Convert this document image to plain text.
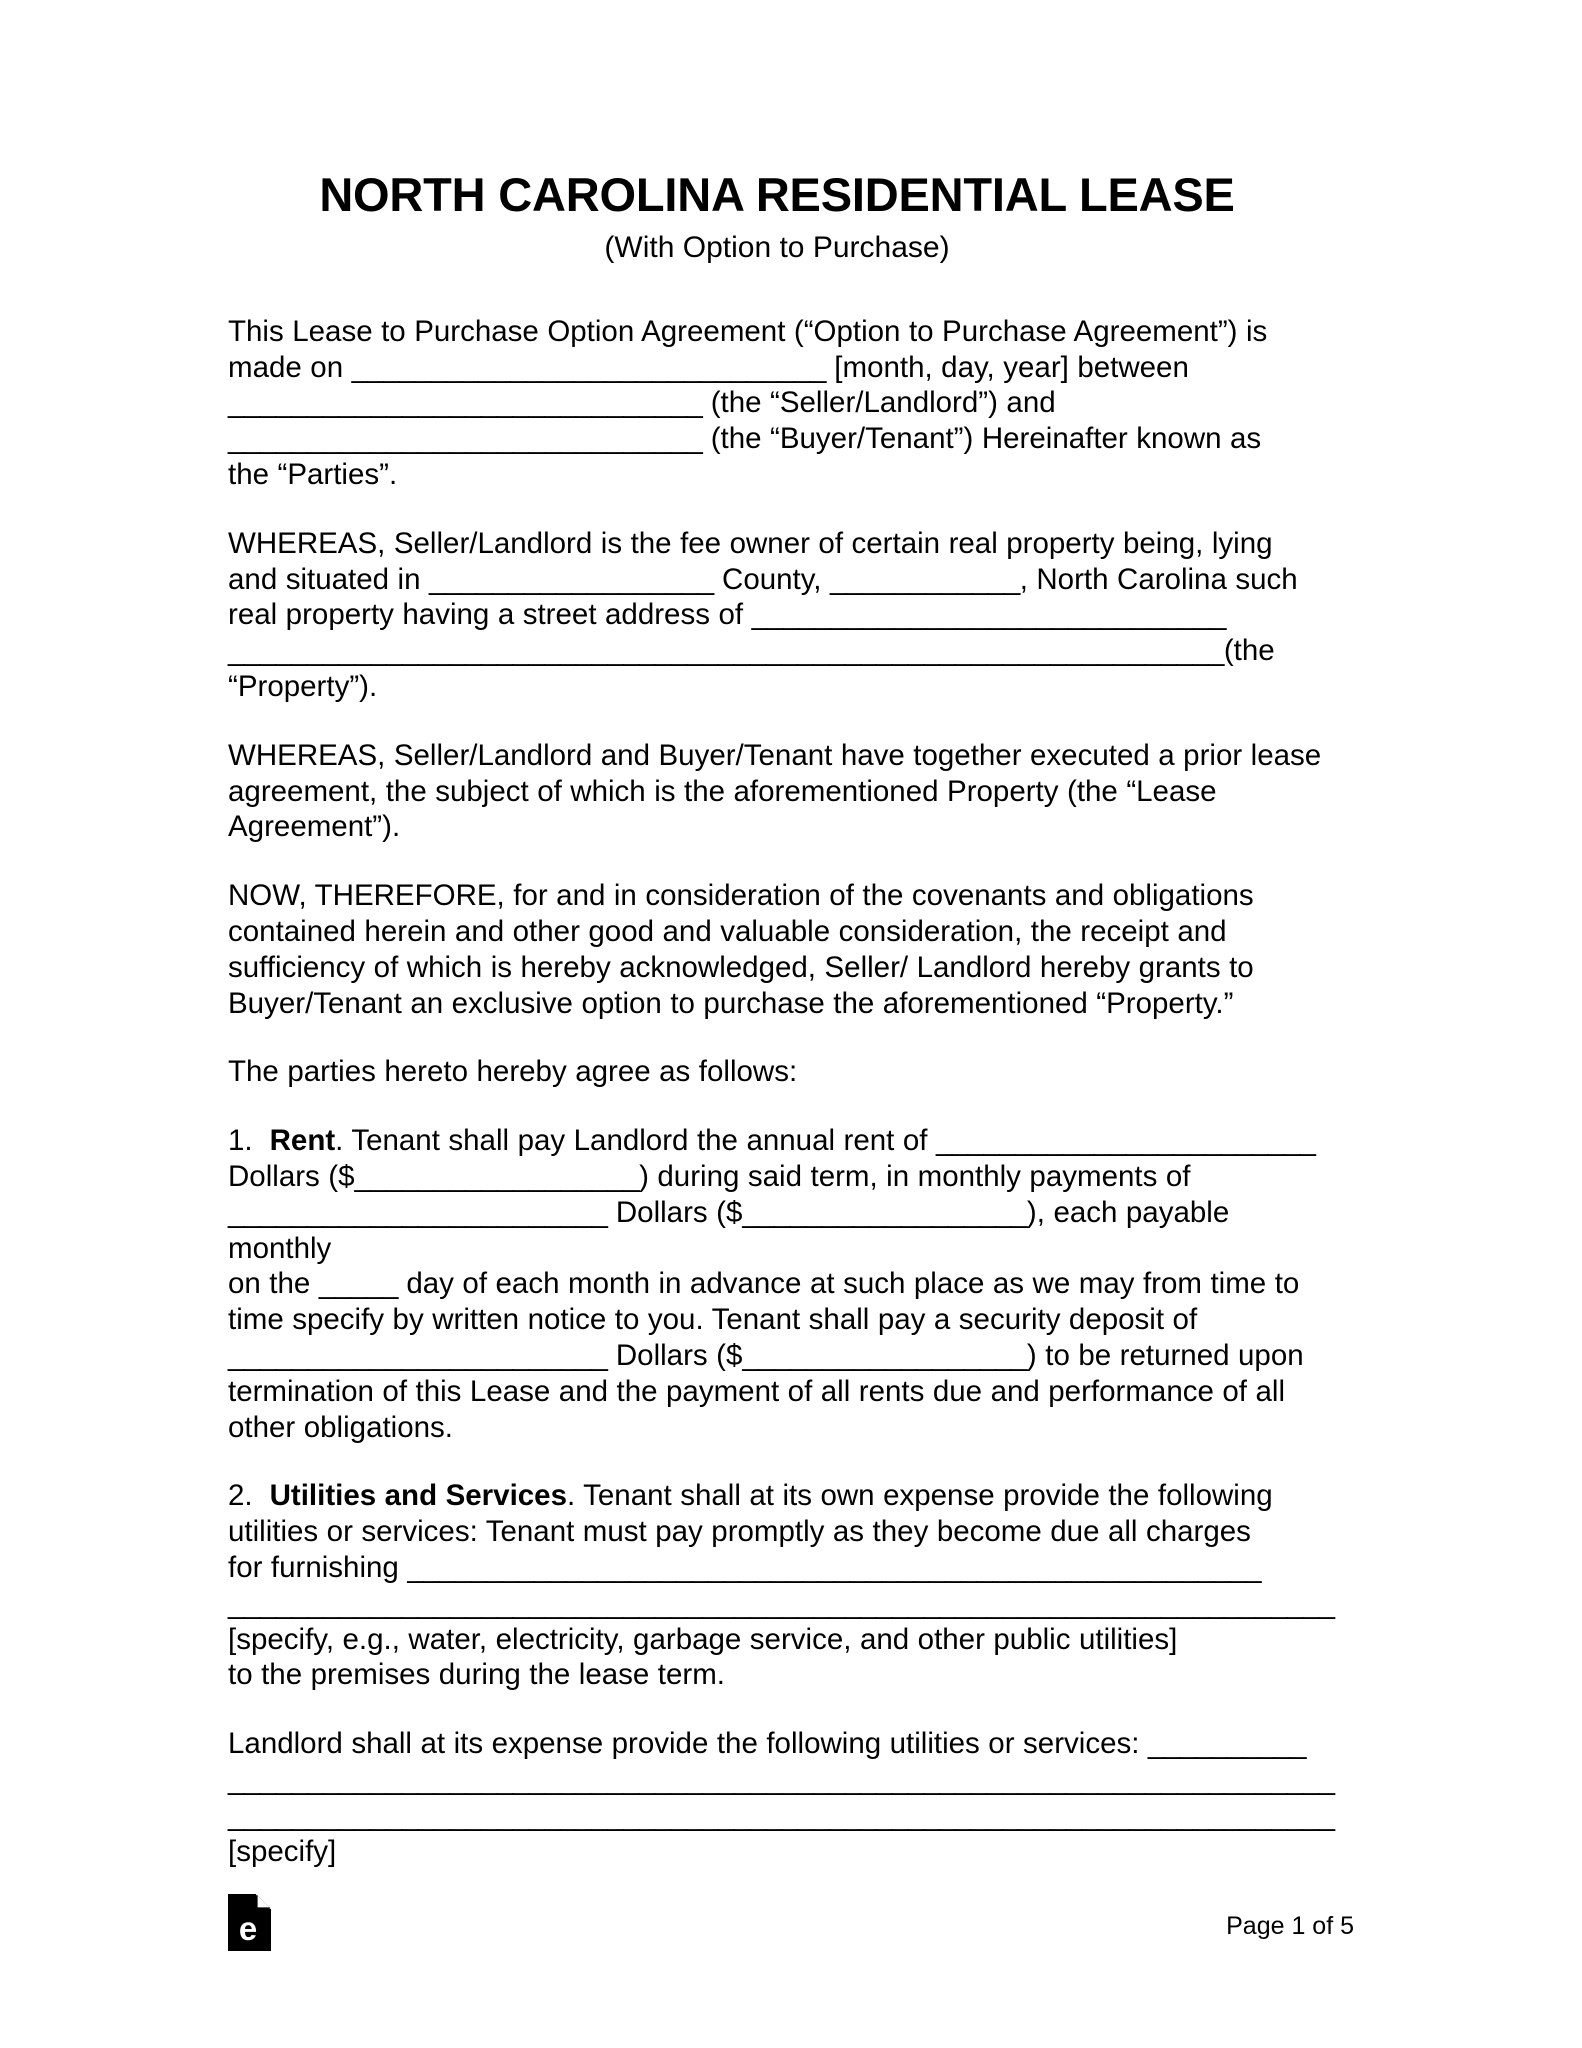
NORTH CAROLINA RESIDENTIAL LEASE
(With Option to Purchase)

This Lease to Purchase Option Agreement (“Option to Purchase Agreement”) is
made on ______________________________ [month, day, year] between
______________________________ (the “Seller/Landlord”) and
______________________________ (the “Buyer/Tenant”) Hereinafter known as
the “Parties”.

WHEREAS, Seller/Landlord is the fee owner of certain real property being, lying
and situated in __________________ County, ____________, North Carolina such
real property having a street address of ______________________________
_______________________________________________________________(the “Property”).

WHEREAS, Seller/Landlord and Buyer/Tenant have together executed a prior lease agreement, the subject of which is the aforementioned Property (the “Lease Agreement”).

NOW, THEREFORE, for and in consideration of the covenants and obligations contained herein and other good and valuable consideration, the receipt and sufficiency of which is hereby acknowledged, Seller/ Landlord hereby grants to Buyer/Tenant an exclusive option to purchase the aforementioned “Property.”

The parties hereto hereby agree as follows:

1. Rent. Tenant shall pay Landlord the annual rent of ________________________
Dollars ($__________________) during said term, in monthly payments of
________________________ Dollars ($__________________), each payable monthly
on the _____ day of each month in advance at such place as we may from time to
time specify by written notice to you. Tenant shall pay a security deposit of
________________________ Dollars ($__________________) to be returned upon
termination of this Lease and the payment of all rents due and performance of all
other obligations.

2. Utilities and Services. Tenant shall at its own expense provide the following
utilities or services: Tenant must pay promptly as they become due all charges
for furnishing ______________________________________________________
______________________________________________________________________
[specify, e.g., water, electricity, garbage service, and other public utilities]
to the premises during the lease term.

Landlord shall at its expense provide the following utilities or services: __________
______________________________________________________________________
______________________________________________________________________
[specify]

e	Page 1 of 5
